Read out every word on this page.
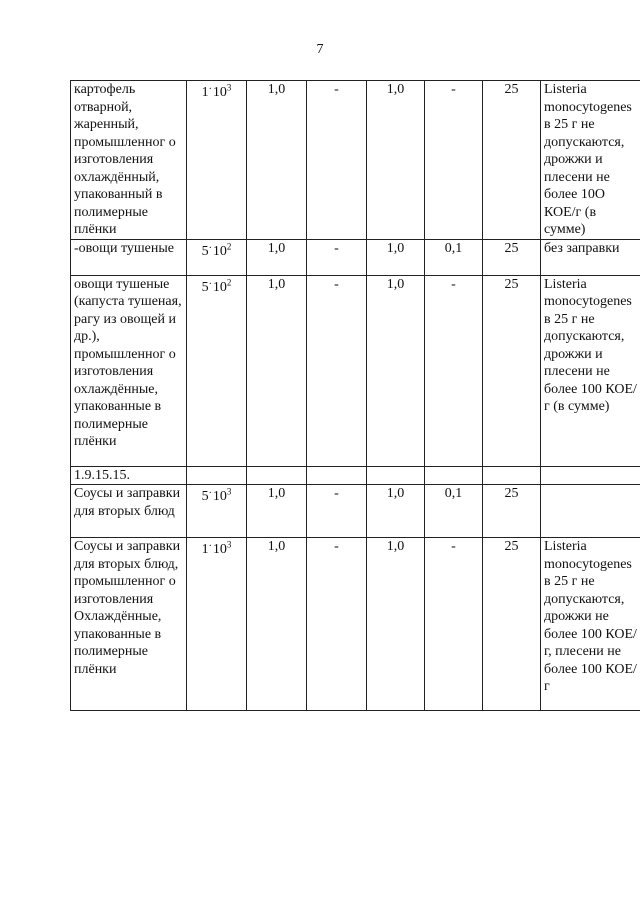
7
картофель отварной, жаренный, промышленног о изготовления охлаждённый, упакованный в полимерные плёнки	$1^\cdot 10^3$	1,0	-	1,0	-	25	Listeria monocytogenes в 25 г не допускаются, дрожжи и плесени не более 10О КОЕ/г (в сумме)
-овощи тушеные	$5^\cdot 10^2$	1,0	-	1,0	0,1	25	без заправки
овощи тушеные (капуста тушеная, рагу из овощей и др.), промышленног о изготовления охлаждённые, упакованные в полимерные плёнки	$5^\cdot 10^2$	1,0	-	1,0	-	25	Listeria monocytogenes в 25 г не допускаются, дрожжи и плесени не более 100 КОЕ/г (в сумме)
1.9.15.15.							
Соусы и заправки для вторых блюд	$5^\cdot 10^3$	1,0	-	1,0	0,1	25	
Соусы и заправки для вторых блюд, промышленног о изготовления Охлаждённые, упакованные в полимерные плёнки	$1^\cdot 10^3$	1,0	-	1,0	-	25	Listeria monocytogenes в 25 г не допускаются, дрожжи не более 100 КОЕ/г, плесени не более 100 КОЕ/г
